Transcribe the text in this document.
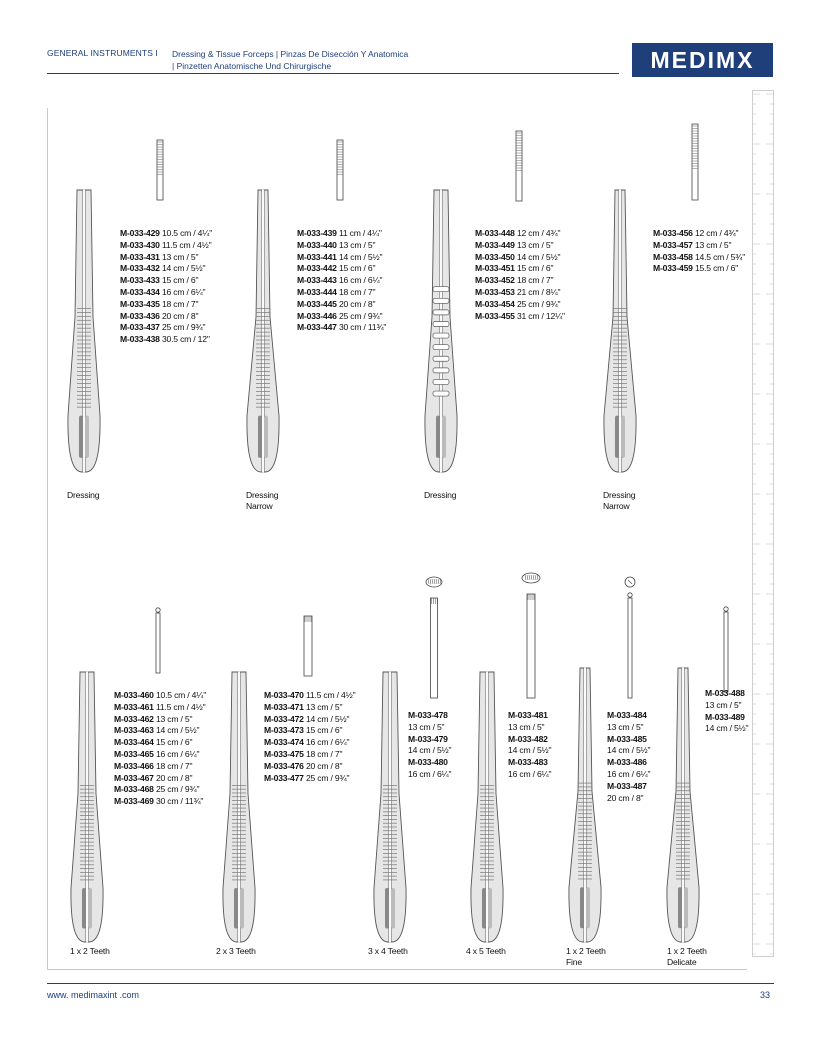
GENERAL INSTRUMENTS I Dressing & Tissue Forceps | Pinzas De Disección Y Anatomica
| Pinzetten Anatomische Und Chirurgische	MEDIMX
M-033-429 10.5 cm / 4¼"
M-033-430 11.5 cm / 4½"
M-033-431 13 cm / 5"
M-033-432 14 cm / 5½"
M-033-433 15 cm / 6"
M-033-434 16 cm / 6¼"
M-033-435 18 cm / 7"
M-033-436 20 cm / 8"
M-033-437 25 cm / 9¾"
M-033-438 30.5 cm / 12"
Dressing
M-033-439 11 cm / 4¼"
M-033-440 13 cm / 5"
M-033-441 14 cm / 5½"
M-033-442 15 cm / 6"
M-033-443 16 cm / 6¼"
M-033-444 18 cm / 7"
M-033-445 20 cm / 8"
M-033-446 25 cm / 9¾"
M-033-447 30 cm / 11¾"
Dressing
Narrow
M-033-448 12 cm / 4¾"
M-033-449 13 cm / 5"
M-033-450 14 cm / 5½"
M-033-451 15 cm / 6"
M-033-452 18 cm / 7"
M-033-453 21 cm / 8¼"
M-033-454 25 cm / 9¾"
M-033-455 31 cm / 12¼"
Dressing
M-033-456 12 cm / 4¾"
M-033-457 13 cm / 5"
M-033-458 14.5 cm / 5¾"
M-033-459 15.5 cm / 6"
Dressing
Narrow
M-033-460 10.5 cm / 4¼"
M-033-461 11.5 cm / 4½"
M-033-462 13 cm / 5"
M-033-463 14 cm / 5½"
M-033-464 15 cm / 6"
M-033-465 16 cm / 6¼"
M-033-466 18 cm / 7"
M-033-467 20 cm / 8"
M-033-468 25 cm / 9¾"
M-033-469 30 cm / 11¾"
1 x 2 Teeth
M-033-470 11.5 cm / 4½"
M-033-471 13 cm / 5"
M-033-472 14 cm / 5½"
M-033-473 15 cm / 6"
M-033-474 16 cm / 6¼"
M-033-475 18 cm / 7"
M-033-476 20 cm / 8"
M-033-477 25 cm / 9¾"
2 x 3 Teeth
M-033-478
13 cm / 5"
M-033-479
14 cm / 5½"
M-033-480
16 cm / 6¼"
3 x 4 Teeth
M-033-481
13 cm / 5"
M-033-482
14 cm / 5½"
M-033-483
16 cm / 6¼"
4 x 5 Teeth
M-033-484
13 cm / 5"
M-033-485
14 cm / 5½"
M-033-486
16 cm / 6¼"
M-033-487
20 cm / 8"
1 x 2 Teeth
Fine
M-033-488
13 cm / 5"
M-033-489
14 cm / 5½"
1 x 2 Teeth
Delicate
www. medimaxint .com	33
